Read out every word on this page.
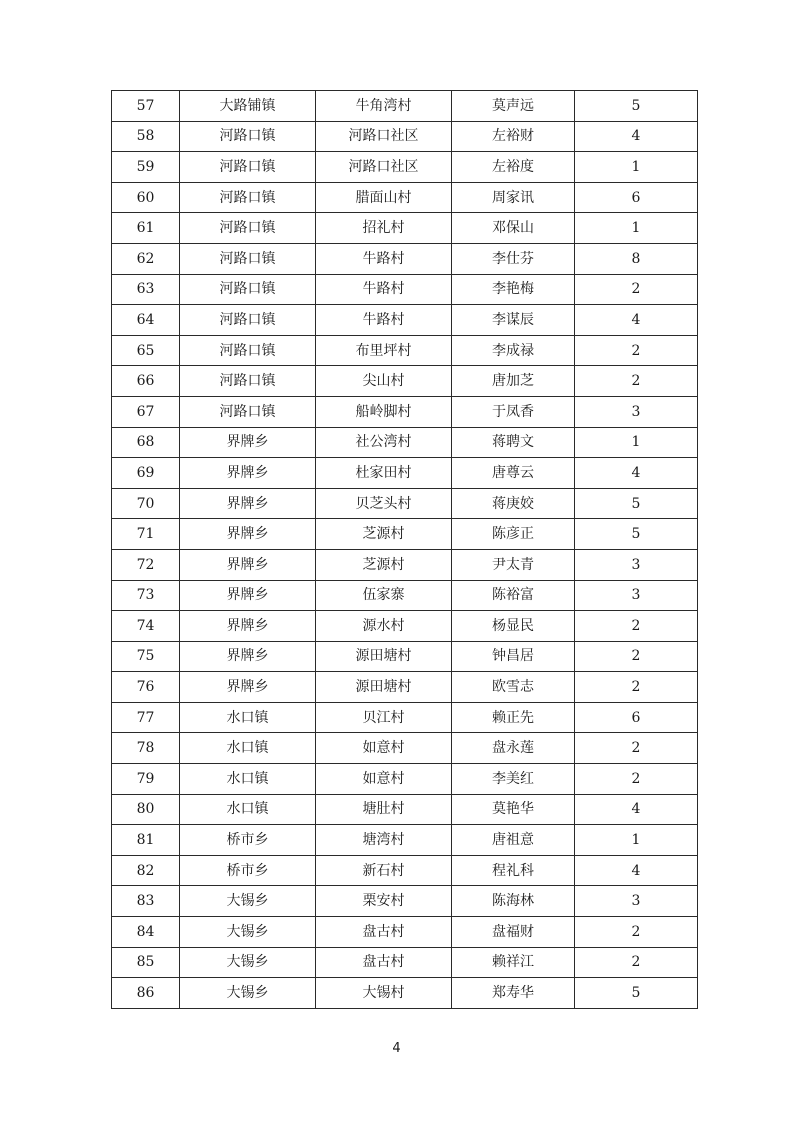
57	大路铺镇	牛角湾村	莫声远	5
58	河路口镇	河路口社区	左裕财	4
59	河路口镇	河路口社区	左裕度	1
60	河路口镇	腊面山村	周家讯	6
61	河路口镇	招礼村	邓保山	1
62	河路口镇	牛路村	李仕芬	8
63	河路口镇	牛路村	李艳梅	2
64	河路口镇	牛路村	李谋辰	4
65	河路口镇	布里坪村	李成禄	2
66	河路口镇	尖山村	唐加芝	2
67	河路口镇	船岭脚村	于凤香	3
68	界牌乡	社公湾村	蒋聘文	1
69	界牌乡	杜家田村	唐尊云	4
70	界牌乡	贝芝头村	蒋庚姣	5
71	界牌乡	芝源村	陈彦正	5
72	界牌乡	芝源村	尹太青	3
73	界牌乡	伍家寨	陈裕富	3
74	界牌乡	源水村	杨显民	2
75	界牌乡	源田塘村	钟昌居	2
76	界牌乡	源田塘村	欧雪志	2
77	水口镇	贝江村	赖正先	6
78	水口镇	如意村	盘永莲	2
79	水口镇	如意村	李美红	2
80	水口镇	塘肚村	莫艳华	4
81	桥市乡	塘湾村	唐祖意	1
82	桥市乡	新石村	程礼科	4
83	大锡乡	栗安村	陈海林	3
84	大锡乡	盘古村	盘福财	2
85	大锡乡	盘古村	赖祥江	2
86	大锡乡	大锡村	郑寿华	5
4
